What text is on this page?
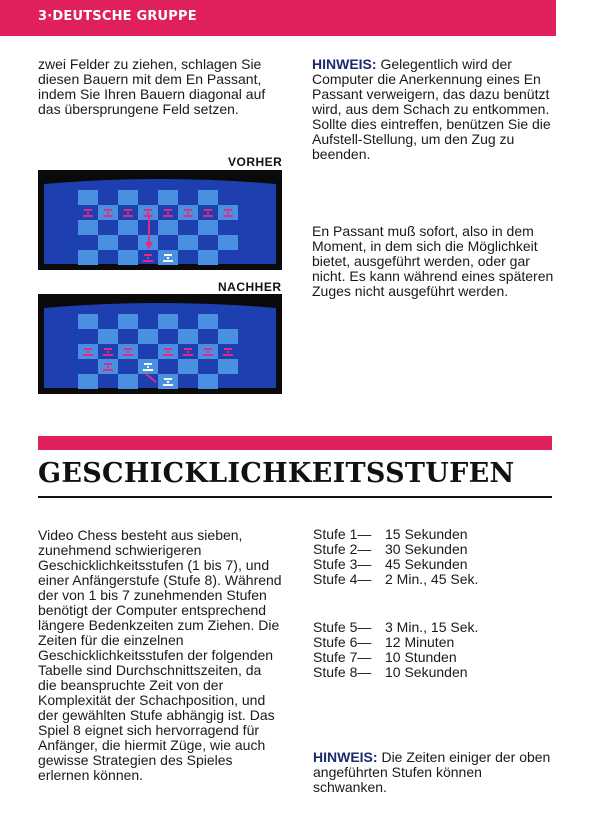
3·DEUTSCHE GRUPPE

zwei Felder zu ziehen, schlagen Sie diesen Bauern mit dem En Passant, indem Sie Ihren Bauern diagonal auf das übersprungene Feld setzen.

HINWEIS: Gelegentlich wird der Computer die Anerkennung eines En Passant verweigern, das dazu benützt wird, aus dem Schach zu entkommen. Sollte dies eintreffen, benützen Sie die Aufstell-Stellung, um den Zug zu beenden.

VORHER
NACHHER

En Passant muß sofort, also in dem Moment, in dem sich die Möglichkeit bietet, ausgeführt werden, oder gar nicht. Es kann während eines späteren Zuges nicht ausgeführt werden.

GESCHICKLICHKEITSSTUFEN

Video Chess besteht aus sieben, zunehmend schwierigeren Geschicklichkeitsstufen (1 bis 7), und einer Anfängerstufe (Stufe 8). Während der von 1 bis 7 zunehmenden Stufen benötigt der Computer entsprechend längere Bedenkzeiten zum Ziehen. Die Zeiten für die einzelnen Geschicklichkeitsstufen der folgenden Tabelle sind Durchschnittszeiten, da die beanspruchte Zeit von der Komplexität der Schachposition, und der gewählten Stufe abhängig ist. Das Spiel 8 eignet sich hervorragend für Anfänger, die hiermit Züge, wie auch gewisse Strategien des Spieles erlernen können.

Stufe 1— 15 Sekunden
Stufe 2— 30 Sekunden
Stufe 3— 45 Sekunden
Stufe 4— 2 Min., 45 Sek.
Stufe 5— 3 Min., 15 Sek.
Stufe 6— 12 Minuten
Stufe 7— 10 Stunden
Stufe 8— 10 Sekunden

HINWEIS: Die Zeiten einiger der oben angeführten Stufen können schwanken.
